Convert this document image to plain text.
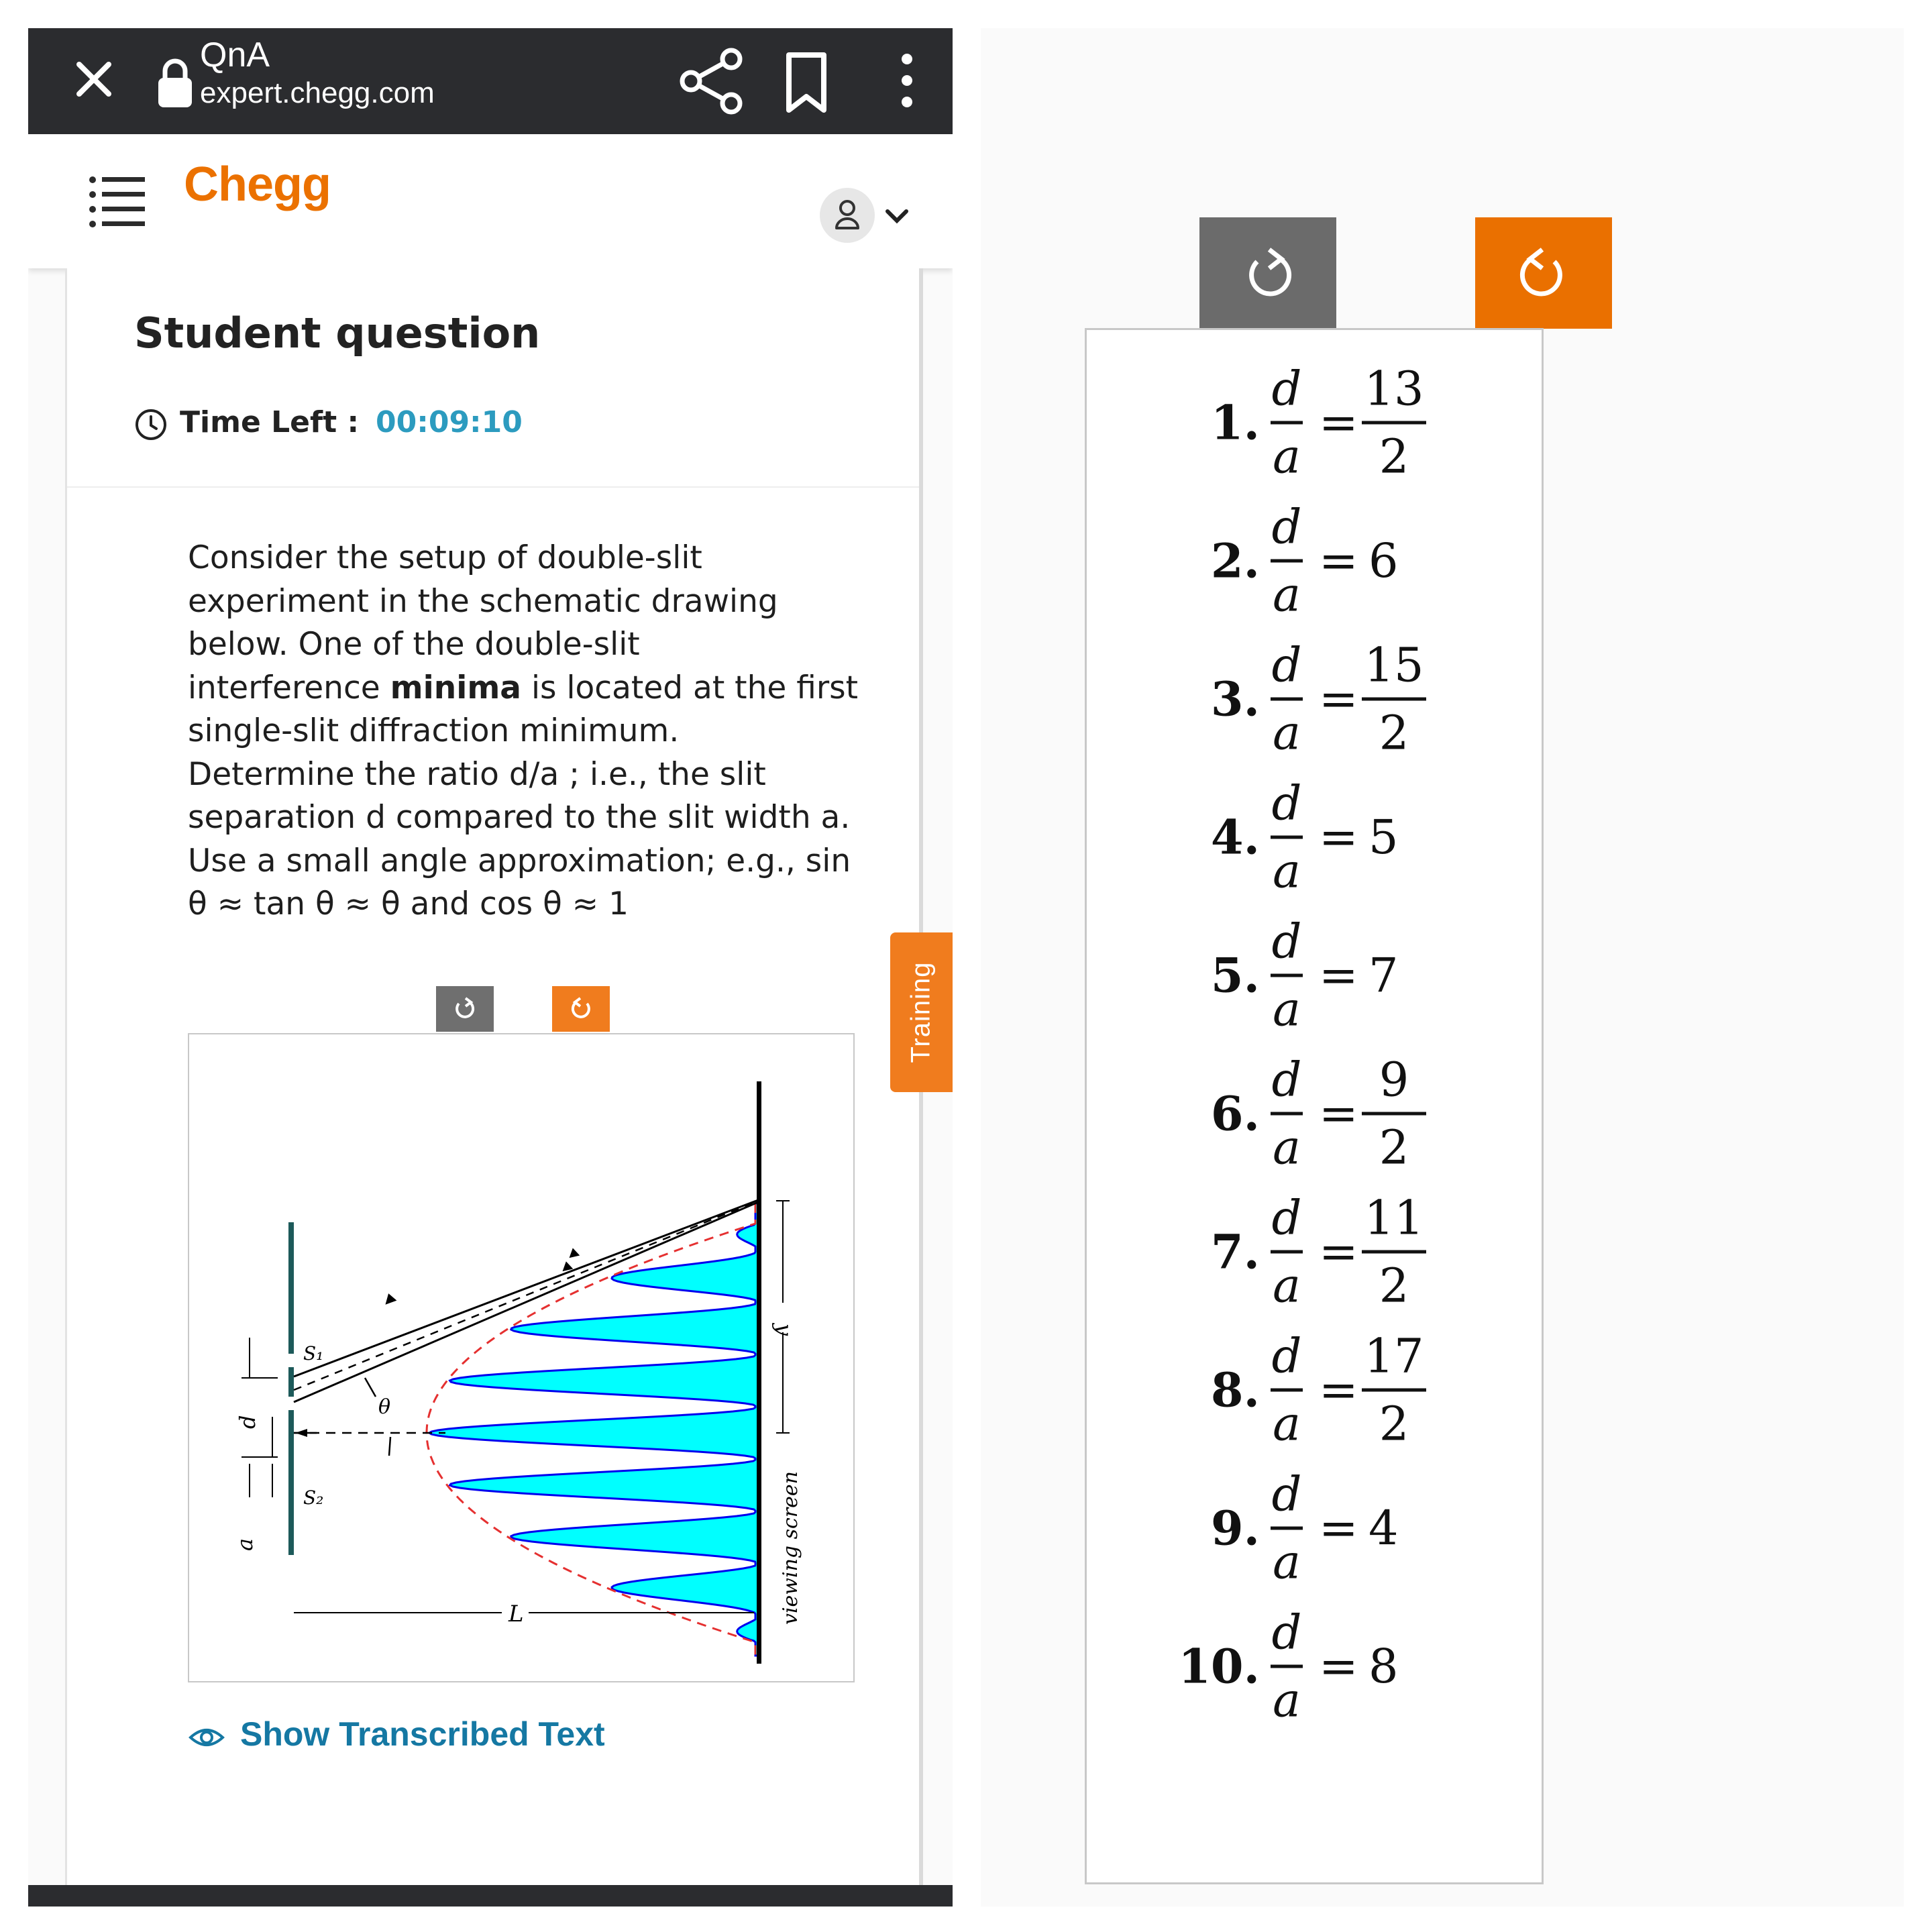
QnA
expert.chegg.com
Chegg
Student question
Time Left : 00:09:10

Consider the setup of double-slit

experiment in the schematic drawing

below. One of the double-slit

interference minima is located at the first

single-slit diffraction minimum.

Determine the ratio d/a ; i.e., the slit

separation d compared to the slit width a.

Use a small angle approximation; e.g., sin

θ ≈ tan θ ≈ θ and cos θ ≈ 1

θ
S₁
S₂
d
a
L
y
viewing screen
Show Transcribed Text
Training
1.
d
a
=
13
2
2.
d
a
= 6
3.
d
a
=
15
2
4.
d
a
= 5
5.
d
a
= 7
6.
d
a
=
9
2
7.
d
a
=
11
2
8.
d
a
=
17
2
9.
d
a
= 4
10.
d
a
= 8
